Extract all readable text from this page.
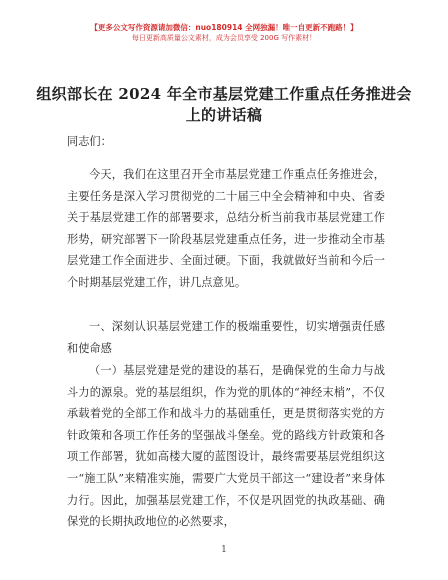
【更多公文写作资源请加微信：nuo180914 全网独漏！唯一自更新不跑路！】
每日更新高质量公文素材，成为会员享受 200G 写作素材！
组织部长在 2024 年全市基层党建工作重点任务推进会上的讲话稿
同志们：
今天，我们在这里召开全市基层党建工作重点任务推进会，主要任务是深入学习贯彻党的二十届三中全会精神和中央、省委关于基层党建工作的部署要求，总结分析当前我市基层党建工作形势，研究部署下一阶段基层党建重点任务，进一步推动全市基层党建工作全面进步、全面过硬。下面，我就做好当前和今后一个时期基层党建工作，讲几点意见。
一、深刻认识基层党建工作的极端重要性，切实增强责任感和使命感
（一）基层党建是党的建设的基石，是确保党的生命力与战斗力的源泉。党的基层组织，作为党的肌体的“神经末梢”，不仅承载着党的全部工作和战斗力的基础重任，更是贯彻落实党的方针政策和各项工作任务的坚强战斗堡垒。党的路线方针政策和各项工作部署，犹如高楼大厦的蓝图设计，最终需要基层党组织这一“施工队”来精准实施，需要广大党员干部这一“建设者”来身体力行。因此，加强基层党建工作，不仅是巩固党的执政基础、确保党的长期执政地位的必然要求，
1
